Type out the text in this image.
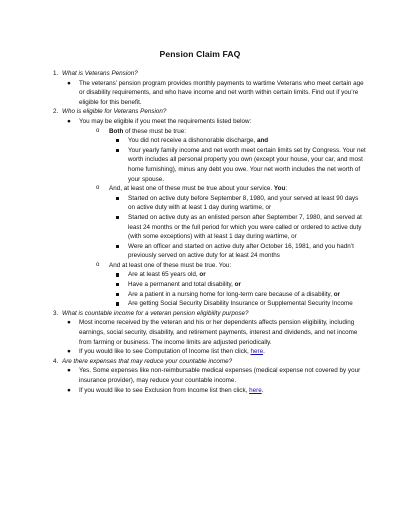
Pension Claim FAQ

1. What is Veterans Pension?

● The veterans’ pension program provides monthly payments to wartime Veterans who meet certain age or disability requirements, and who have income and net worth within certain limits. Find out if you’re eligible for this benefit.

2. Who is eligible for Veterans Pension?

● You may be eligible if you meet the requirements listed below:

o Both of these must be true:

You did not receive a dishonorable discharge, and

Your yearly family income and net worth meet certain limits set by Congress. Your net worth includes all personal property you own (except your house, your car, and most home furnishing), minus any debt you owe. Your net worth includes the net worth of your spouse.

o And, at least one of these must be true about your service. You:

Started on active duty before September 8, 1980, and your served at least 90 days on active duty with at least 1 day during wartime, or

Started on active duty as an enlisted person after September 7, 1980, and served at least 24 months or the full period for which you were called or ordered to active duty (with some exceptions) with at least 1 day during wartime, or

Were an officer and started on active duty after October 16, 1981, and you hadn’t previously served on active duty for at least 24 months

o And at least one of these must be true. You:

Are at least 65 years old, or

Have a permanent and total disability, or

Are a patient in a nursing home for long-term care because of a disability, or

Are getting Social Security Disability Insurance or Supplemental Security Income

3. What is countable income for a veteran pension eligibility purpose?

● Most income received by the veteran and his or her dependents affects pension eligibility, including earnings, social security, disability, and retirement payments, interest and dividends, and net income from farming or business. The income limits are adjusted periodically.

● If you would like to see Computation of Income list then click, here.

4. Are there expenses that may reduce your countable income?

● Yes. Some expenses like non-reimbursable medical expenses (medical expense not covered by your insurance provider), may reduce your countable income.

● If you would like to see Exclusion from Income list then click, here.
